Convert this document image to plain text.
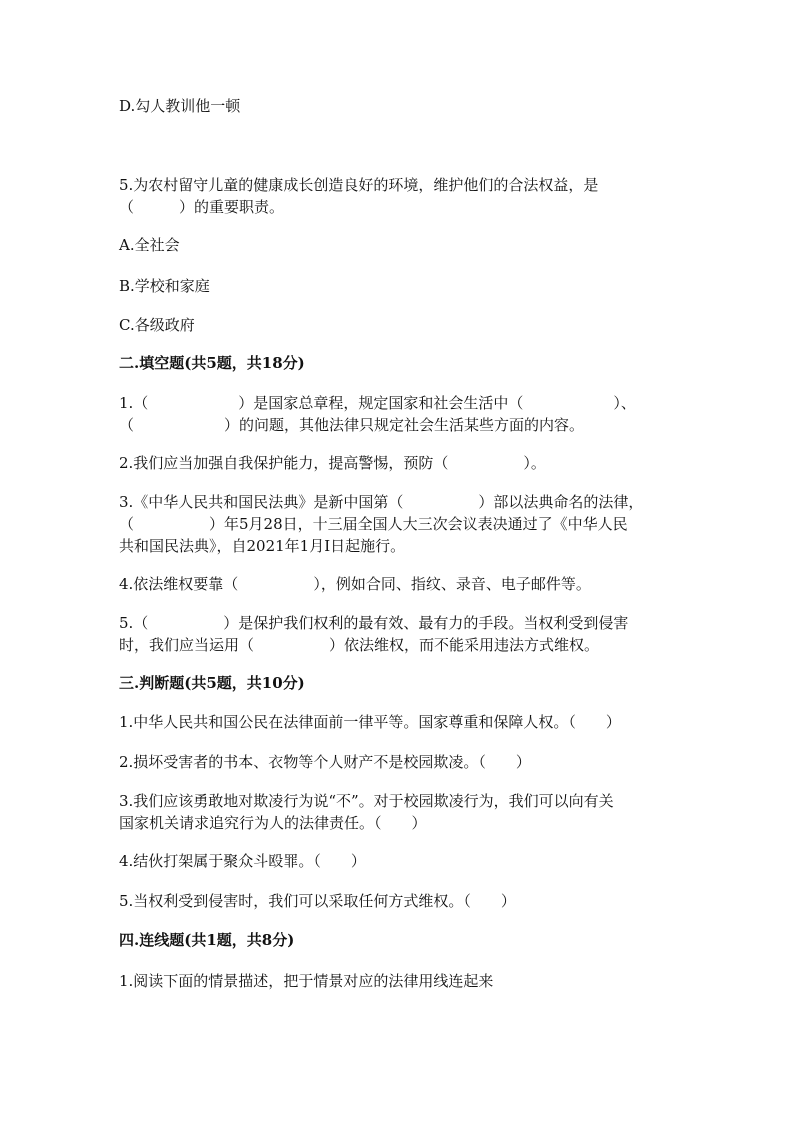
D.勾人教训他一顿
5.为农村留守儿童的健康成长创造良好的环境，维护他们的合法权益，是
（　　　）的重要职责。
A.全社会
B.学校和家庭
C.各级政府
二.填空题(共5题，共18分)
1.（　　　　　　）是国家总章程，规定国家和社会生活中（　　　　　　）、
（　　　　　　）的问题，其他法律只规定社会生活某些方面的内容。
2.我们应当加强自我保护能力，提高警惕，预防（　　　　　）。
3.《中华人民共和国民法典》是新中国第（　　　　　）部以法典命名的法律，
（　　　　　）年5月28日，十三届全国人大三次会议表决通过了《中华人民
共和国民法典》，自2021年1月I日起施行。
4.依法维权要靠（　　　　　），例如合同、指纹、录音、电子邮件等。
5.（　　　　　）是保护我们权利的最有效、最有力的手段。当权利受到侵害
时，我们应当运用（　　　　　）依法维权，而不能采用违法方式维权。
三.判断题(共5题，共10分)
1.中华人民共和国公民在法律面前一律平等。国家尊重和保障人权。（　　）
2.损坏受害者的书本、衣物等个人财产不是校园欺凌。（　　）
3.我们应该勇敢地对欺凌行为说“不”。对于校园欺凌行为，我们可以向有关
国家机关请求追究行为人的法律责任。（　　）
4.结伙打架属于聚众斗殴罪。（　　）
5.当权利受到侵害时，我们可以采取任何方式维权。（　　）
四.连线题(共1题，共8分)
1.阅读下面的情景描述，把于情景对应的法律用线连起来
